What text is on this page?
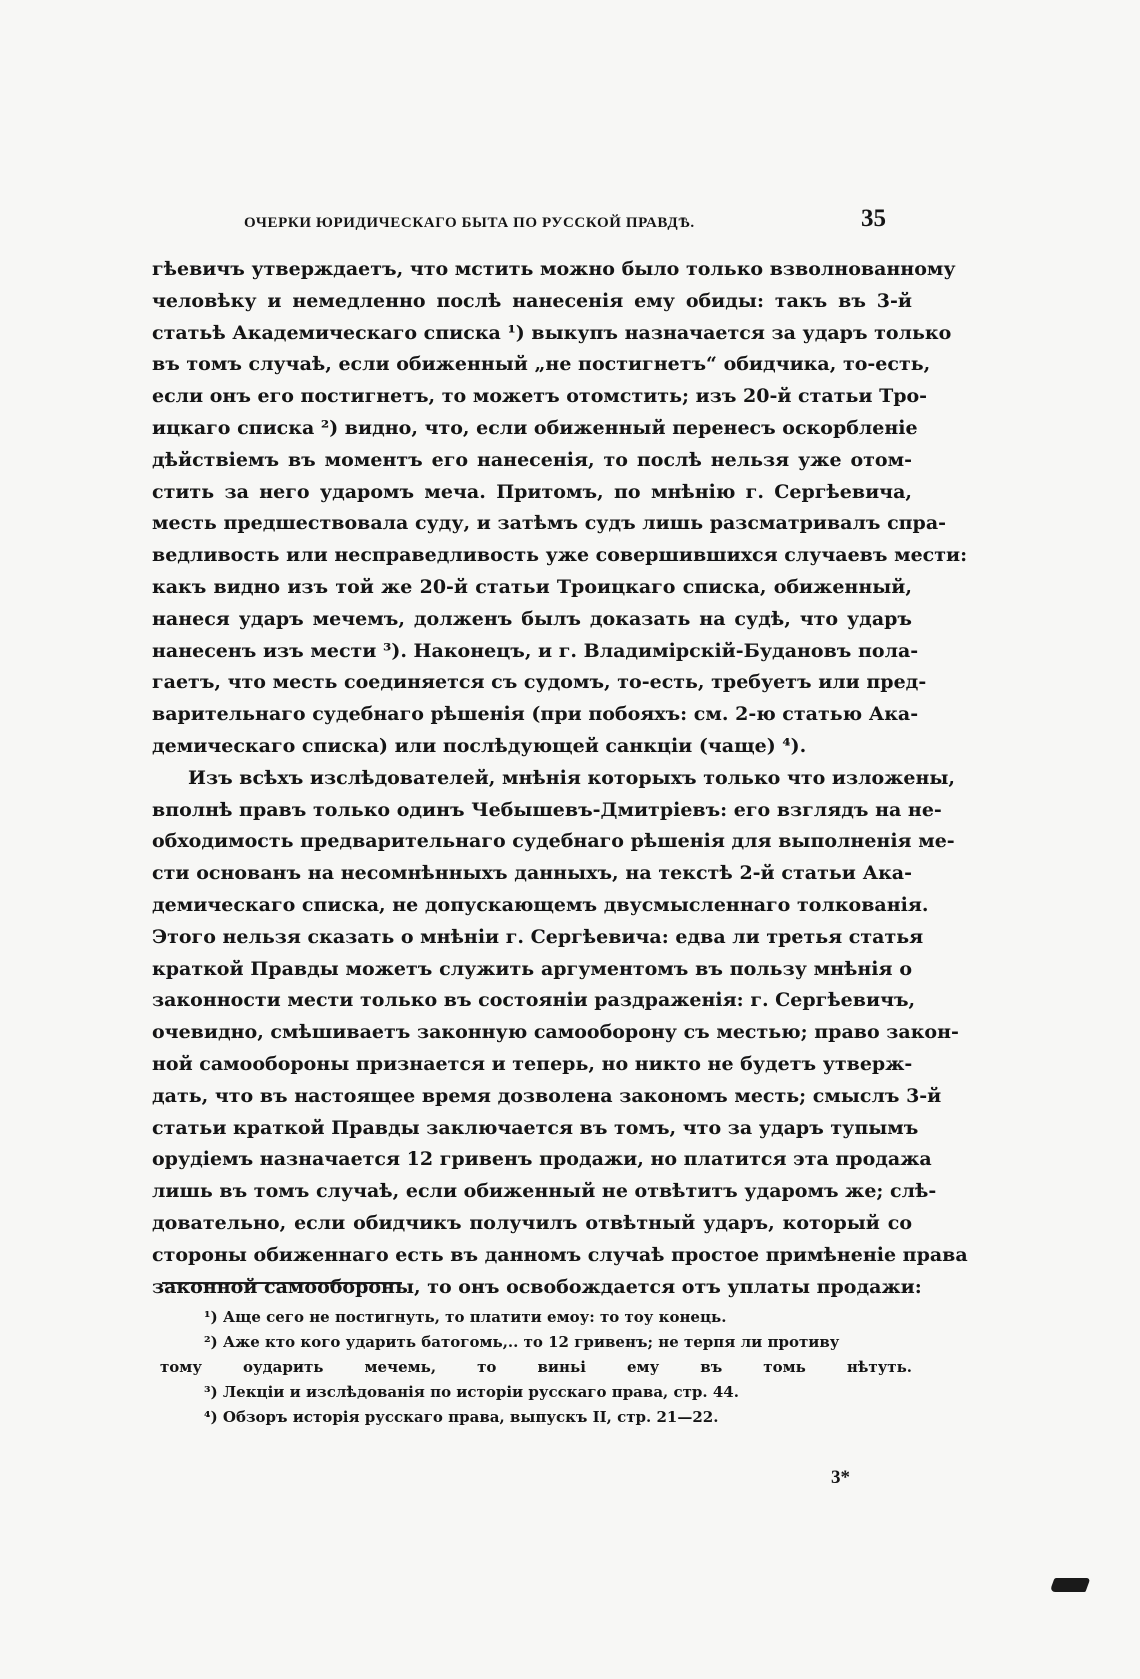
ОЧЕРКИ ЮРИДИЧЕСКАГО БЫТА ПО РУССКОЙ ПРАВДѢ.	35
гѣевичъ утверждаетъ, что мстить можно было только взволнованному
человѣку и немедленно послѣ нанесенія ему обиды: такъ въ 3-й
статьѣ Академическаго списка ¹) выкупъ назначается за ударъ только
въ томъ случаѣ, если обиженный „не постигнетъ“ обидчика, то-есть,
если онъ его постигнетъ, то можетъ отомстить; изъ 20-й статьи Тро-
ицкаго списка ²) видно, что, если обиженный перенесъ оскорбленіе
дѣйствіемъ въ моментъ его нанесенія, то послѣ нельзя уже отом-
стить за него ударомъ меча. Притомъ, по мнѣнію г. Сергѣевича,
месть предшествовала суду, и затѣмъ судъ лишь разсматривалъ спра-
ведливость или несправедливость уже совершившихся случаевъ мести:
какъ видно изъ той же 20-й статьи Троицкаго списка, обиженный,
нанеся ударъ мечемъ, долженъ былъ доказать на судѣ, что ударъ
нанесенъ изъ мести ³). Наконецъ, и г. Владимірскій-Будановъ пола-
гаетъ, что месть соединяется съ судомъ, то-есть, требуетъ или пред-
варительнаго судебнаго рѣшенія (при побояхъ: см. 2-ю статью Ака-
демическаго списка) или послѣдующей санкціи (чаще) ⁴).
Изъ всѣхъ изслѣдователей, мнѣнія которыхъ только что изложены,
вполнѣ правъ только одинъ Чебышевъ-Дмитріевъ: его взглядъ на не-
обходимость предварительнаго судебнаго рѣшенія для выполненія ме-
сти основанъ на несомнѣнныхъ данныхъ, на текстѣ 2-й статьи Ака-
демическаго списка, не допускающемъ двусмысленнаго толкованія.
Этого нельзя сказать о мнѣніи г. Сергѣевича: едва ли третья статья
краткой Правды можетъ служить аргументомъ въ пользу мнѣнія о
законности мести только въ состояніи раздраженія: г. Сергѣевичъ,
очевидно, смѣшиваетъ законную самооборону съ местью; право закон-
ной самообороны признается и теперь, но никто не будетъ утверж-
дать, что въ настоящее время дозволена закономъ месть; смыслъ 3-й
статьи краткой Правды заключается въ томъ, что за ударъ тупымъ
орудіемъ назначается 12 гривенъ продажи, но платится эта продажа
лишь въ томъ случаѣ, если обиженный не отвѣтитъ ударомъ же; слѣ-
довательно, если обидчикъ получилъ отвѣтный ударъ, который со
стороны обиженнаго есть въ данномъ случаѣ простое примѣненіе права
законной самообороны, то онъ освобождается отъ уплаты продажи:
¹) Аще сего не постигнуть, то платити емоу: то тоу конець.
²) Аже кто кого ударить батогомь,.. то 12 гривенъ; не терпя ли противу
тому оударить мечемь, то виньі ему въ томь нѣтуть.
³) Лекціи и изслѣдованія по исторіи русскаго права, стр. 44.
⁴) Обзоръ исторія русскаго права, выпускъ II, стр. 21—22.
3*
